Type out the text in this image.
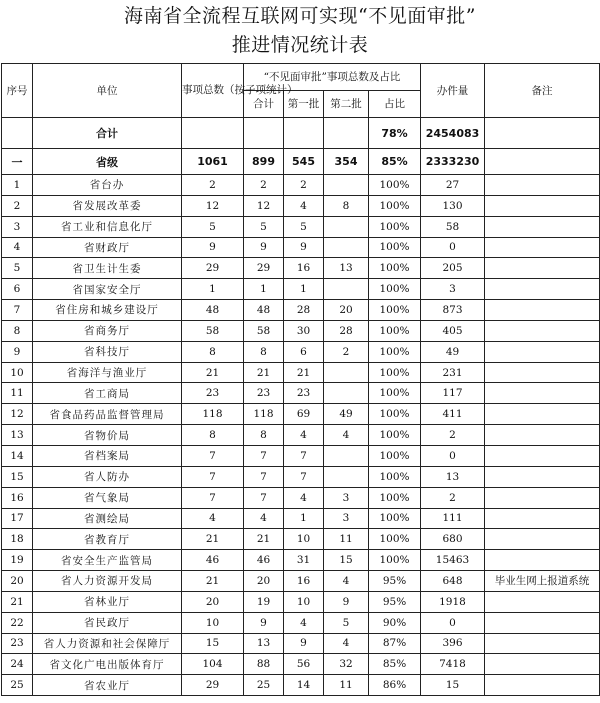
海南省全流程互联网可实现“不见面审批”
推进情况统计表
序号	单位	事项总数（按子项统计）	“不见面审批”事项总数及占比				办件量	备注
			合计	第一批	第二批	占比		
	合计					78%	2454083	
一	省级	1061	899	545	354	85%	2333230	
1	省台办	2	2	2		100%	27	
2	省发展改革委	12	12	4	8	100%	130	
3	省工业和信息化厅	5	5	5		100%	58	
4	省财政厅	9	9	9		100%	0	
5	省卫生计生委	29	29	16	13	100%	205	
6	省国家安全厅	1	1	1		100%	3	
7	省住房和城乡建设厅	48	48	28	20	100%	873	
8	省商务厅	58	58	30	28	100%	405	
9	省科技厅	8	8	6	2	100%	49	
10	省海洋与渔业厅	21	21	21		100%	231	
11	省工商局	23	23	23		100%	117	
12	省食品药品监督管理局	118	118	69	49	100%	411	
13	省物价局	8	8	4	4	100%	2	
14	省档案局	7	7	7		100%	0	
15	省人防办	7	7	7		100%	13	
16	省气象局	7	7	4	3	100%	2	
17	省测绘局	4	4	1	3	100%	111	
18	省教育厅	21	21	10	11	100%	680	
19	省安全生产监管局	46	46	31	15	100%	15463	
20	省人力资源开发局	21	20	16	4	95%	648	毕业生网上报道系统
21	省林业厅	20	19	10	9	95%	1918	
22	省民政厅	10	9	4	5	90%	0	
23	省人力资源和社会保障厅	15	13	9	4	87%	396	
24	省文化广电出版体育厅	104	88	56	32	85%	7418	
25	省农业厅	29	25	14	11	86%	15	
